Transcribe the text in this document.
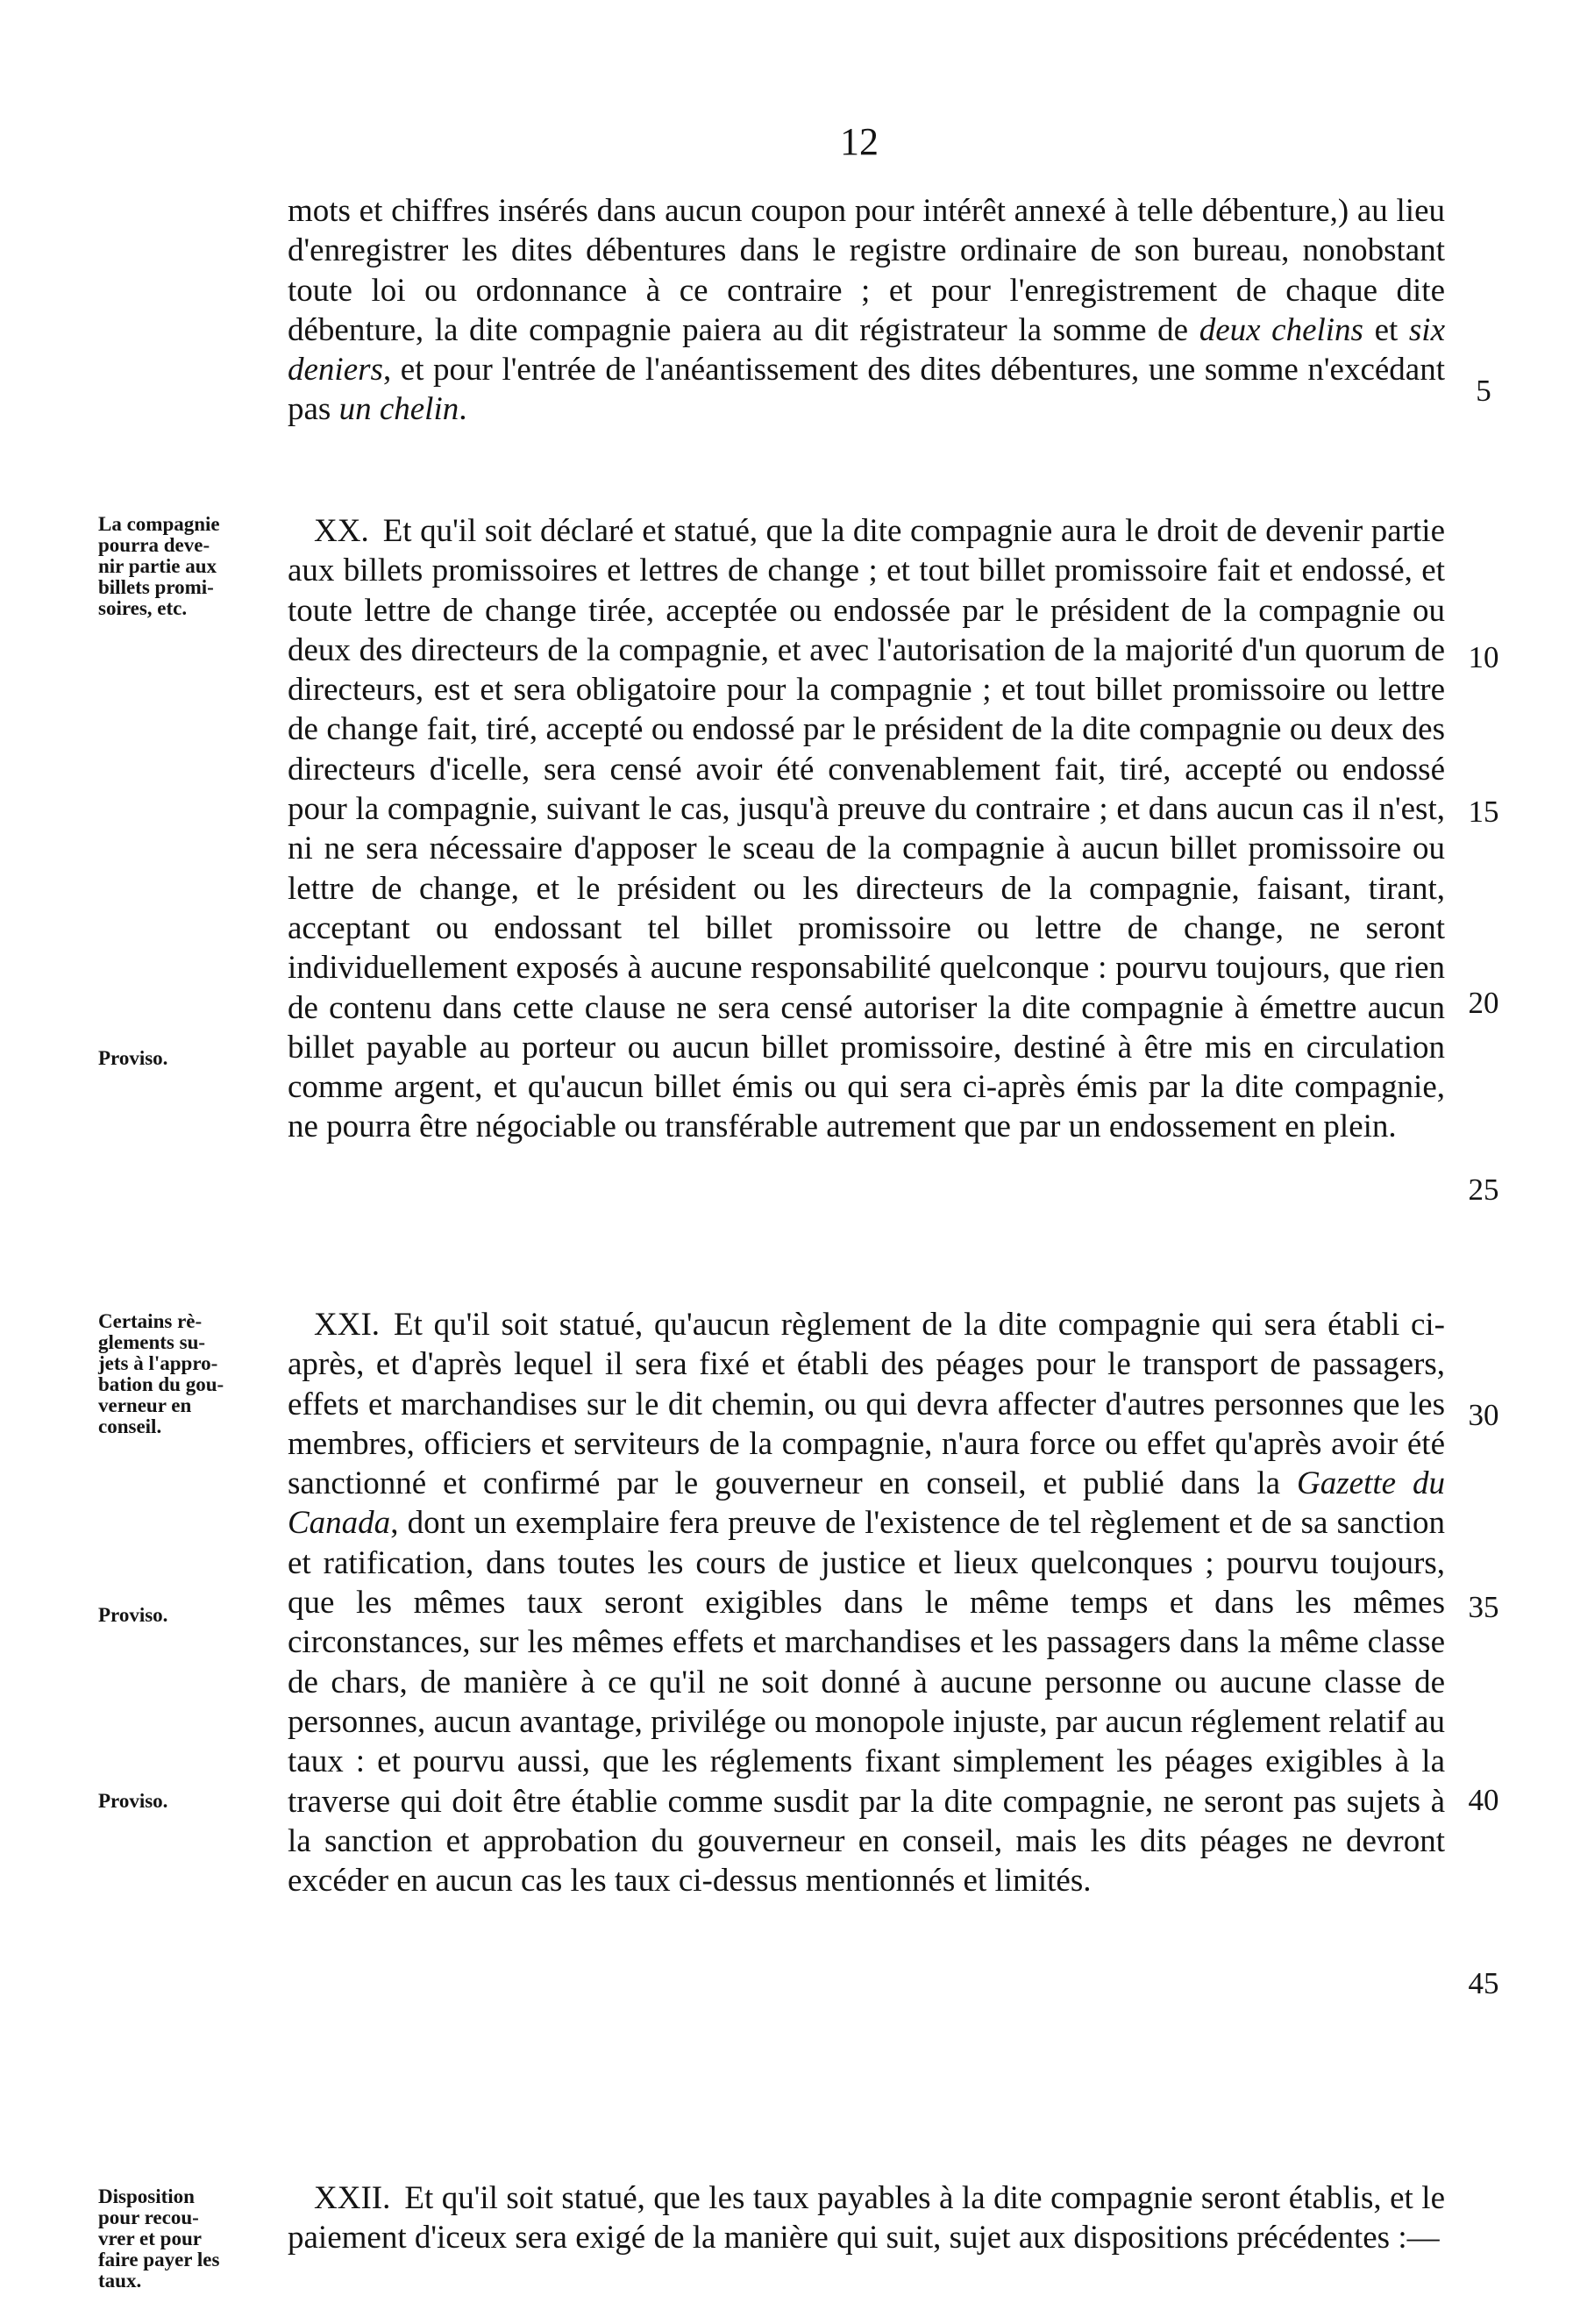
12
mots et chiffres insérés dans aucun coupon pour intérêt annexé à telle débenture,) au lieu d'enregistrer les dites débentures dans le registre ordinaire de son bureau, nonobstant toute loi ou ordonnance à ce contraire ; et pour l'enregistrement de chaque dite débenture, la dite compagnie paiera au dit régistrateur la somme de deux chelins et six deniers, et pour l'entrée de l'anéantissement des dites débentures, une somme n'excédant pas un chelin.
XX. Et qu'il soit déclaré et statué, que la dite compagnie aura le droit de devenir partie aux billets promissoires et lettres de change ; et tout billet promissoire fait et endossé, et toute lettre de change tirée, acceptée ou endossée par le président de la compagnie ou deux des directeurs de la compagnie, et avec l'autorisation de la majorité d'un quorum de directeurs, est et sera obligatoire pour la compagnie ; et tout billet promissoire ou lettre de change fait, tiré, accepté ou endossé par le président de la dite compagnie ou deux des directeurs d'icelle, sera censé avoir été convenablement fait, tiré, accepté ou endossé pour la compagnie, suivant le cas, jusqu'à preuve du contraire ; et dans aucun cas il n'est, ni ne sera nécessaire d'apposer le sceau de la compagnie à aucun billet promissoire ou lettre de change, et le président ou les directeurs de la compagnie, faisant, tirant, acceptant ou endossant tel billet promissoire ou lettre de change, ne seront individuellement exposés à aucune responsabilité quelconque : pourvu toujours, que rien de contenu dans cette clause ne sera censé autoriser la dite compagnie à émettre aucun billet payable au porteur ou aucun billet promissoire, destiné à être mis en circulation comme argent, et qu'aucun billet émis ou qui sera ci-après émis par la dite compagnie, ne pourra être négociable ou transférable autrement que par un endossement en plein.
XXI. Et qu'il soit statué, qu'aucun règlement de la dite compagnie qui sera établi ci-après, et d'après lequel il sera fixé et établi des péages pour le transport de passagers, effets et marchandises sur le dit chemin, ou qui devra affecter d'autres personnes que les membres, officiers et serviteurs de la compagnie, n'aura force ou effet qu'après avoir été sanctionné et confirmé par le gouverneur en conseil, et publié dans la Gazette du Canada, dont un exemplaire fera preuve de l'existence de tel règlement et de sa sanction et ratification, dans toutes les cours de justice et lieux quelconques ; pourvu toujours, que les mêmes taux seront exigibles dans le même temps et dans les mêmes circonstances, sur les mêmes effets et marchandises et les passagers dans la même classe de chars, de manière à ce qu'il ne soit donné à aucune personne ou aucune classe de personnes, aucun avantage, privilége ou monopole injuste, par aucun réglement relatif au taux : et pourvu aussi, que les réglements fixant simplement les péages exigibles à la traverse qui doit être établie comme susdit par la dite compagnie, ne seront pas sujets à la sanction et approbation du gouverneur en conseil, mais les dits péages ne devront excéder en aucun cas les taux ci-dessus mentionnés et limités.
XXII. Et qu'il soit statué, que les taux payables à la dite compagnie seront établis, et le paiement d'iceux sera exigé de la manière qui suit, sujet aux dispositions précédentes :—
La compagnie
pourra deve-
nir partie aux
billets promi-
soires, etc.
Proviso.
Certains rè-
glements su-
jets à l'appro-
bation du gou-
verneur en
conseil.
Proviso.
Proviso.
Disposition
pour recou-
vrer et pour
faire payer les
taux.
5
10
15
20
25
30
35
40
45
